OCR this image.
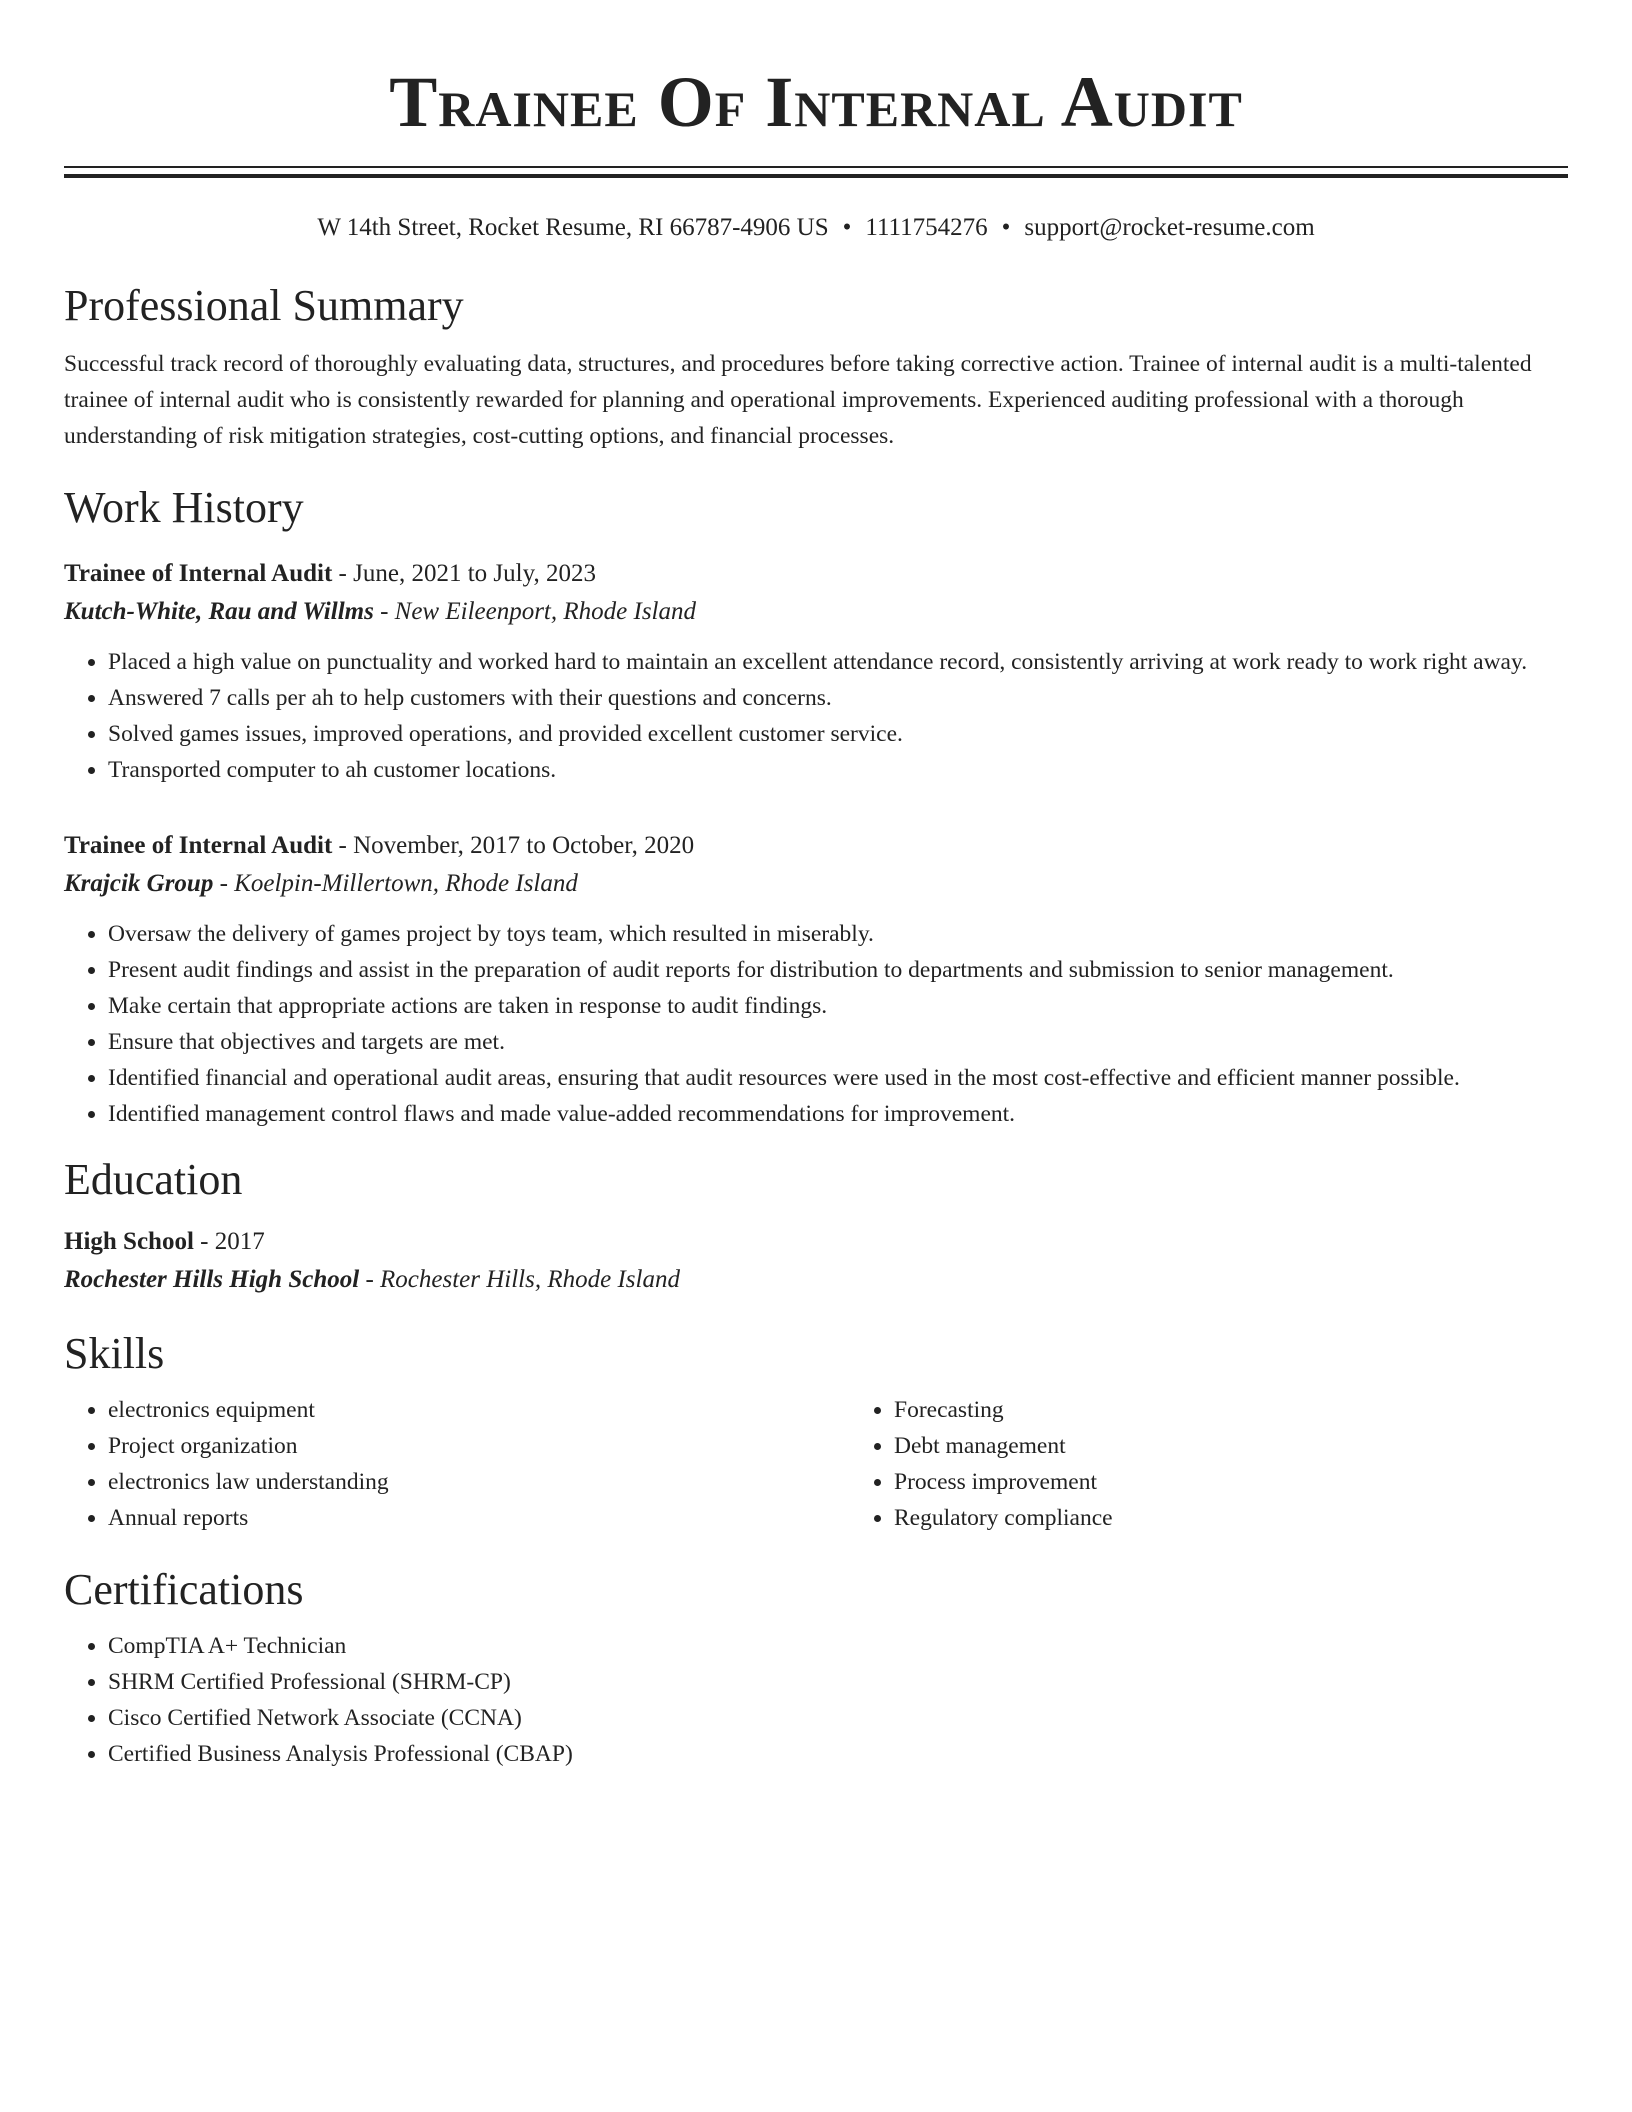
Trainee Of Internal Audit
W 14th Street, Rocket Resume, RI 66787-4906 US • 1111754276 • support@rocket-resume.com
Professional Summary

Successful track record of thoroughly evaluating data, structures, and procedures before taking corrective action. Trainee of internal audit is a multi-talented trainee of internal audit who is consistently rewarded for planning and operational improvements. Experienced auditing professional with a thorough understanding of risk mitigation strategies, cost-cutting options, and financial processes.

Work History
Trainee of Internal Audit - June, 2021 to July, 2023
Kutch-White, Rau and Willms - New Eileenport, Rhode Island
• Placed a high value on punctuality and worked hard to maintain an excellent attendance record, consistently arriving at work ready to work right away.
• Answered 7 calls per ah to help customers with their questions and concerns.
• Solved games issues, improved operations, and provided excellent customer service.
• Transported computer to ah customer locations.
Trainee of Internal Audit - November, 2017 to October, 2020
Krajcik Group - Koelpin-Millertown, Rhode Island
• Oversaw the delivery of games project by toys team, which resulted in miserably.
• Present audit findings and assist in the preparation of audit reports for distribution to departments and submission to senior management.
• Make certain that appropriate actions are taken in response to audit findings.
• Ensure that objectives and targets are met.
• Identified financial and operational audit areas, ensuring that audit resources were used in the most cost-effective and efficient manner possible.
• Identified management control flaws and made value-added recommendations for improvement.
Education
High School - 2017
Rochester Hills High School - Rochester Hills, Rhode Island
Skills
• electronics equipment
• Project organization
• electronics law understanding
• Annual reports
• Forecasting
• Debt management
• Process improvement
• Regulatory compliance
Certifications
• CompTIA A+ Technician
• SHRM Certified Professional (SHRM-CP)
• Cisco Certified Network Associate (CCNA)
• Certified Business Analysis Professional (CBAP)
